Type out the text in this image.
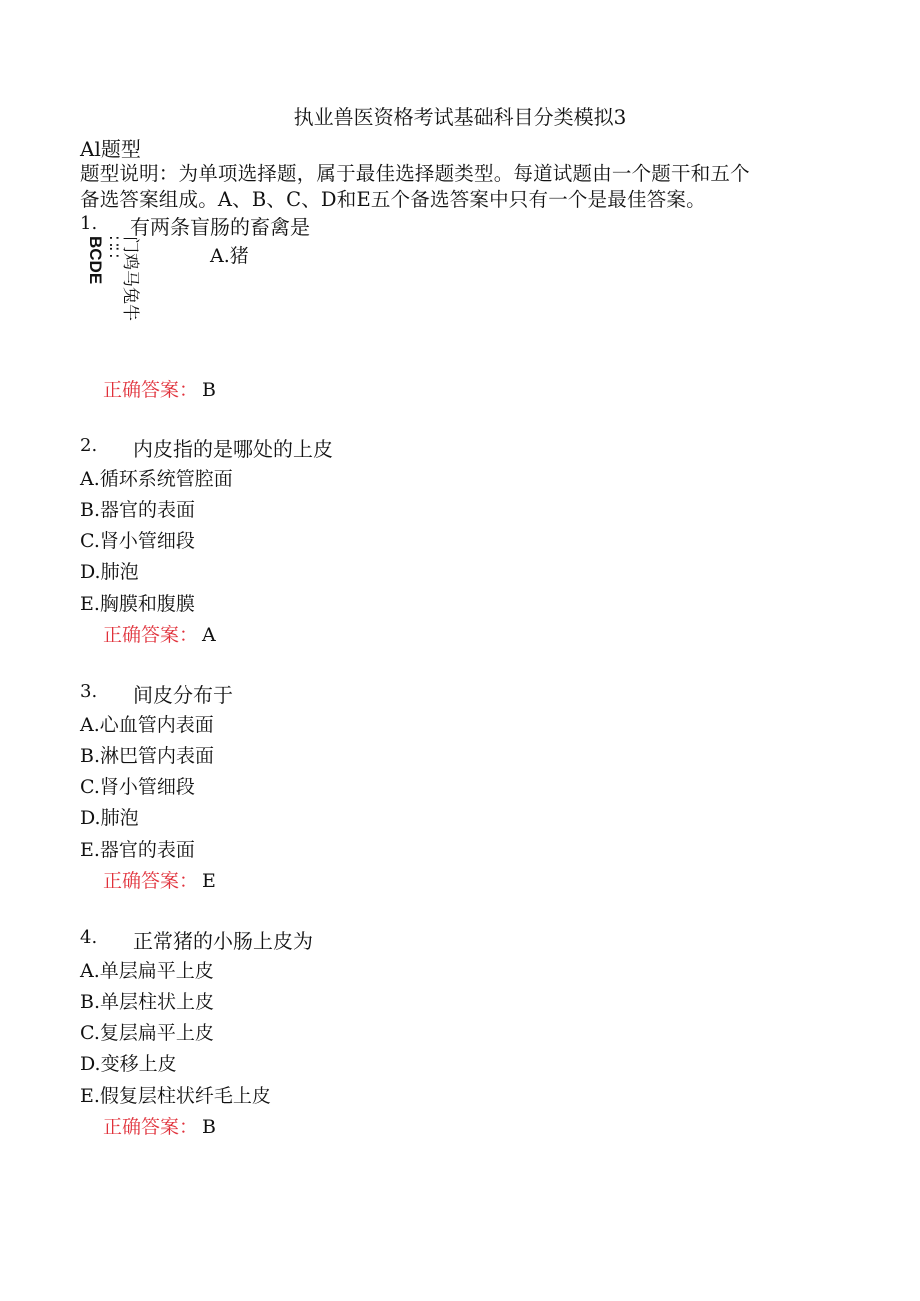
执业兽医资格考试基础科目分类模拟3
Al题型
题型说明：为单项选择题，属于最佳选择题类型。每道试题由一个题干和五个
备选答案组成。A、B、C、D和E五个备选答案中只有一个是最佳答案。
1. 有两条盲肠的畜禽是
A.猪
门鸡马兔牛
∷∷
BCDE
正确答案： B
2. 内皮指的是哪处的上皮
A.循环系统管腔面
B.器官的表面
C.肾小管细段
D.肺泡
E.胸膜和腹膜
正确答案： A
3. 间皮分布于
A.心血管内表面
B.淋巴管内表面
C.肾小管细段
D.肺泡
E.器官的表面
正确答案： E
4. 正常猪的小肠上皮为
A.单层扁平上皮
B.单层柱状上皮
C.复层扁平上皮
D.变移上皮
E.假复层柱状纤毛上皮
正确答案： B
